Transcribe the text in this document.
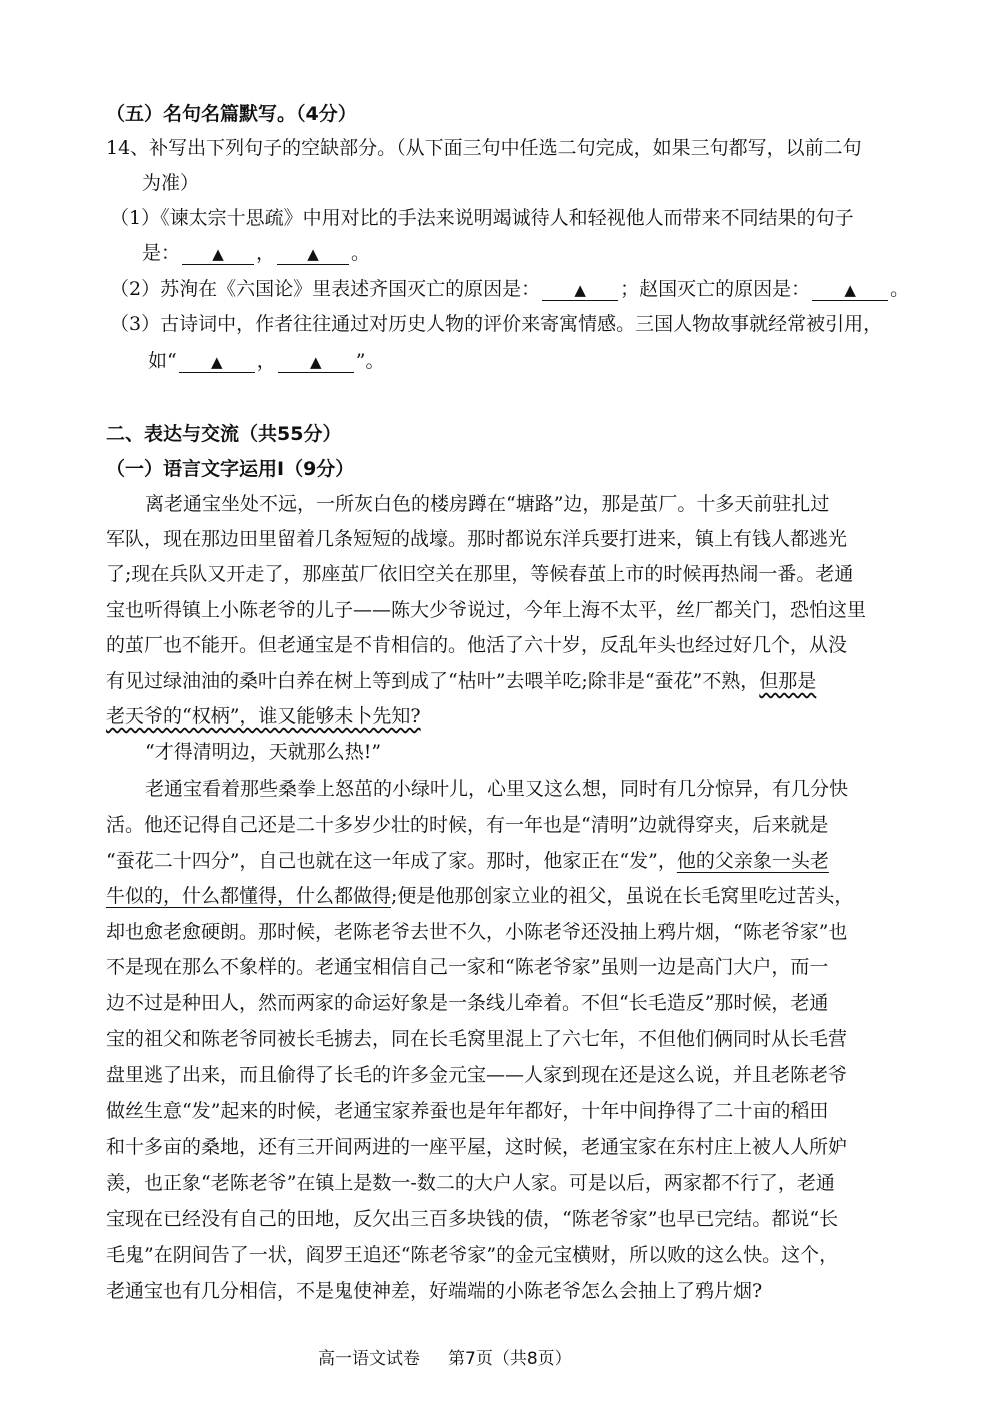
（五）名句名篇默写。（4分）
14、补写出下列句子的空缺部分。（从下面三句中任选二句完成，如果三句都写，以前二句
为准）
（1）《谏太宗十思疏》中用对比的手法来说明竭诚待人和轻视他人而带来不同结果的句子
是： ▲ ， ▲ 。
（2）苏洵在《六国论》里表述齐国灭亡的原因是： ▲ ；赵国灭亡的原因是： ▲ 。
（3）古诗词中，作者往往通过对历史人物的评价来寄寓情感。三国人物故事就经常被引用，
如“ ▲ ， ▲ ”。
二、表达与交流（共55分）
（一）语言文字运用Ⅰ（9分）
离老通宝坐处不远，一所灰白色的楼房蹲在“塘路”边，那是茧厂。十多天前驻扎过
军队，现在那边田里留着几条短短的战壕。那时都说东洋兵要打进来，镇上有钱人都逃光
了;现在兵队又开走了，那座茧厂依旧空关在那里，等候春茧上市的时候再热闹一番。老通
宝也听得镇上小陈老爷的儿子——陈大少爷说过，今年上海不太平，丝厂都关门，恐怕这里
的茧厂也不能开。但老通宝是不肯相信的。他活了六十岁，反乱年头也经过好几个，从没
有见过绿油油的桑叶白养在树上等到成了“枯叶”去喂羊吃;除非是“蚕花”不熟，但那是
老天爷的“权柄”，谁又能够未卜先知?
“才得清明边，天就那么热!”
老通宝看着那些桑拳上怒茁的小绿叶儿，心里又这么想，同时有几分惊异，有几分快
活。他还记得自己还是二十多岁少壮的时候，有一年也是“清明”边就得穿夹，后来就是
“蚕花二十四分”，自己也就在这一年成了家。那时，他家正在“发”，他的父亲象一头老
牛似的，什么都懂得，什么都做得;便是他那创家立业的祖父，虽说在长毛窝里吃过苦头，
却也愈老愈硬朗。那时候，老陈老爷去世不久，小陈老爷还没抽上鸦片烟，“陈老爷家”也
不是现在那么不象样的。老通宝相信自己一家和“陈老爷家”虽则一边是高门大户，而一
边不过是种田人，然而两家的命运好象是一条线儿牵着。不但“长毛造反”那时候，老通
宝的祖父和陈老爷同被长毛掳去，同在长毛窝里混上了六七年，不但他们俩同时从长毛营
盘里逃了出来，而且偷得了长毛的许多金元宝——人家到现在还是这么说，并且老陈老爷
做丝生意“发”起来的时候，老通宝家养蚕也是年年都好，十年中间挣得了二十亩的稻田
和十多亩的桑地，还有三开间两进的一座平屋，这时候，老通宝家在东村庄上被人人所妒
羡，也正象“老陈老爷”在镇上是数一-数二的大户人家。可是以后，两家都不行了，老通
宝现在已经没有自己的田地，反欠出三百多块钱的债，“陈老爷家”也早已完结。都说“长
毛鬼”在阴间告了一状，阎罗王追还“陈老爷家”的金元宝横财，所以败的这么快。这个，
老通宝也有几分相信，不是鬼使神差，好端端的小陈老爷怎么会抽上了鸦片烟?
高一语文试卷 第7页（共8页）
